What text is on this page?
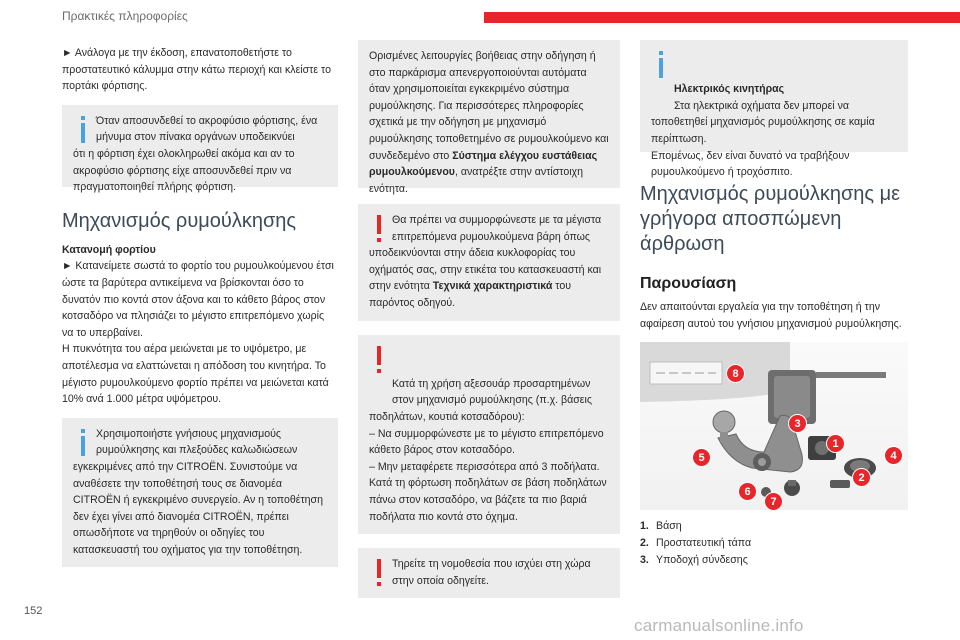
Πρακτικές πληροφορίες

► Ανάλογα με την έκδοση, επανατοποθετήστε το προστατευτικό κάλυμμα στην κάτω περιοχή και κλείστε το πορτάκι φόρτισης.

Όταν αποσυνδεθεί το ακροφύσιο φόρτισης, ένα μήνυμα στον πίνακα οργάνων υποδεικνύει
ότι η φόρτιση έχει ολοκληρωθεί ακόμα και αν το ακροφύσιο φόρτισης είχε αποσυνδεθεί πριν να πραγματοποιηθεί πλήρης φόρτιση.
Μηχανισμός ρυμούλκησης

Κατανομή φορτίου

► Κατανείμετε σωστά το φορτίο του ρυμουλκούμενου έτσι ώστε τα βαρύτερα αντικείμενα να βρίσκονται όσο το δυνατόν πιο κοντά στον άξονα και το κάθετο βάρος στον κοτσαδόρο να πλησιάζει το μέγιστο επιτρεπόμενο χωρίς να το υπερβαίνει.

Η πυκνότητα του αέρα μειώνεται με το υψόμετρο, με αποτέλεσμα να ελαττώνεται η απόδοση του κινητήρα. Το μέγιστο ρυμουλκούμενο φορτίο πρέπει να μειώνεται κατά 10% ανά 1.000 μέτρα υψόμετρου.

Χρησιμοποιήστε γνήσιους μηχανισμούς ρυμούλκησης και πλεξούδες καλωδιώσεων
εγκεκριμένες από την CITROËN. Συνιστούμε να αναθέσετε την τοποθέτησή τους σε διανομέα CITROËN ή εγκεκριμένο συνεργείο. Αν η τοποθέτηση δεν έχει γίνει από διανομέα CITROËN, πρέπει οπωσδήποτε να τηρηθούν οι οδηγίες του κατασκευαστή του οχήματος για την τοποθέτηση.
Ορισμένες λειτουργίες βοήθειας στην οδήγηση ή στο παρκάρισμα απενεργοποιούνται αυτόματα όταν χρησιμοποιείται εγκεκριμένο σύστημα ρυμούλκησης. Για περισσότερες πληροφορίες σχετικά με την οδήγηση με μηχανισμό ρυμούλκησης τοποθετημένο σε ρυμουλκούμενο και συνδεδεμένο στο Σύστημα ελέγχου ευστάθειας ρυμουλκούμενου, ανατρέξτε στην αντίστοιχη ενότητα.
Θα πρέπει να συμμορφώνεστε με τα μέγιστα επιτρεπόμενα ρυμουλκούμενα βάρη όπως
υποδεικνύονται στην άδεια κυκλοφορίας του οχήματός σας, στην ετικέτα του κατασκευαστή και στην ενότητα Τεχνικά χαρακτηριστικά του παρόντος οδηγού.

Κατά τη χρήση αξεσουάρ προσαρτημένων στον μηχανισμό ρυμούλκησης (π.χ. βάσεις
ποδηλάτων, κουτιά κοτσαδόρου):
– Να συμμορφώνεστε με το μέγιστο επιτρεπόμενο κάθετο βάρος στον κοτσαδόρο.
– Μην μεταφέρετε περισσότερα από 3 ποδήλατα. Κατά τη φόρτωση ποδηλάτων σε βάση ποδηλάτων πάνω στον κοτσαδόρο, να βάζετε τα πιο βαριά ποδήλατα πιο κοντά στο όχημα.

Τηρείτε τη νομοθεσία που ισχύει στη χώρα στην οποία οδηγείτε.

Ηλεκτρικός κινητήρας
Στα ηλεκτρικά οχήματα δεν μπορεί να
τοποθετηθεί μηχανισμός ρυμούλκησης σε καμία περίπτωση.
Επομένως, δεν είναι δυνατό να τραβήξουν ρυμουλκούμενο ή τροχόσπιτο.

Μηχανισμός ρυμούλκησης με γρήγορα αποσπώμενη άρθρωση
Παρουσίαση

Δεν απαιτούνται εργαλεία για την τοποθέτηση ή την αφαίρεση αυτού του γνήσιου μηχανισμού ρυμούλκησης.

8
3
1
4
2
5
6
7
1. Βάση
2. Προστατευτική τάπα
3. Υποδοχή σύνδεσης
152
carmanualsonline.info
